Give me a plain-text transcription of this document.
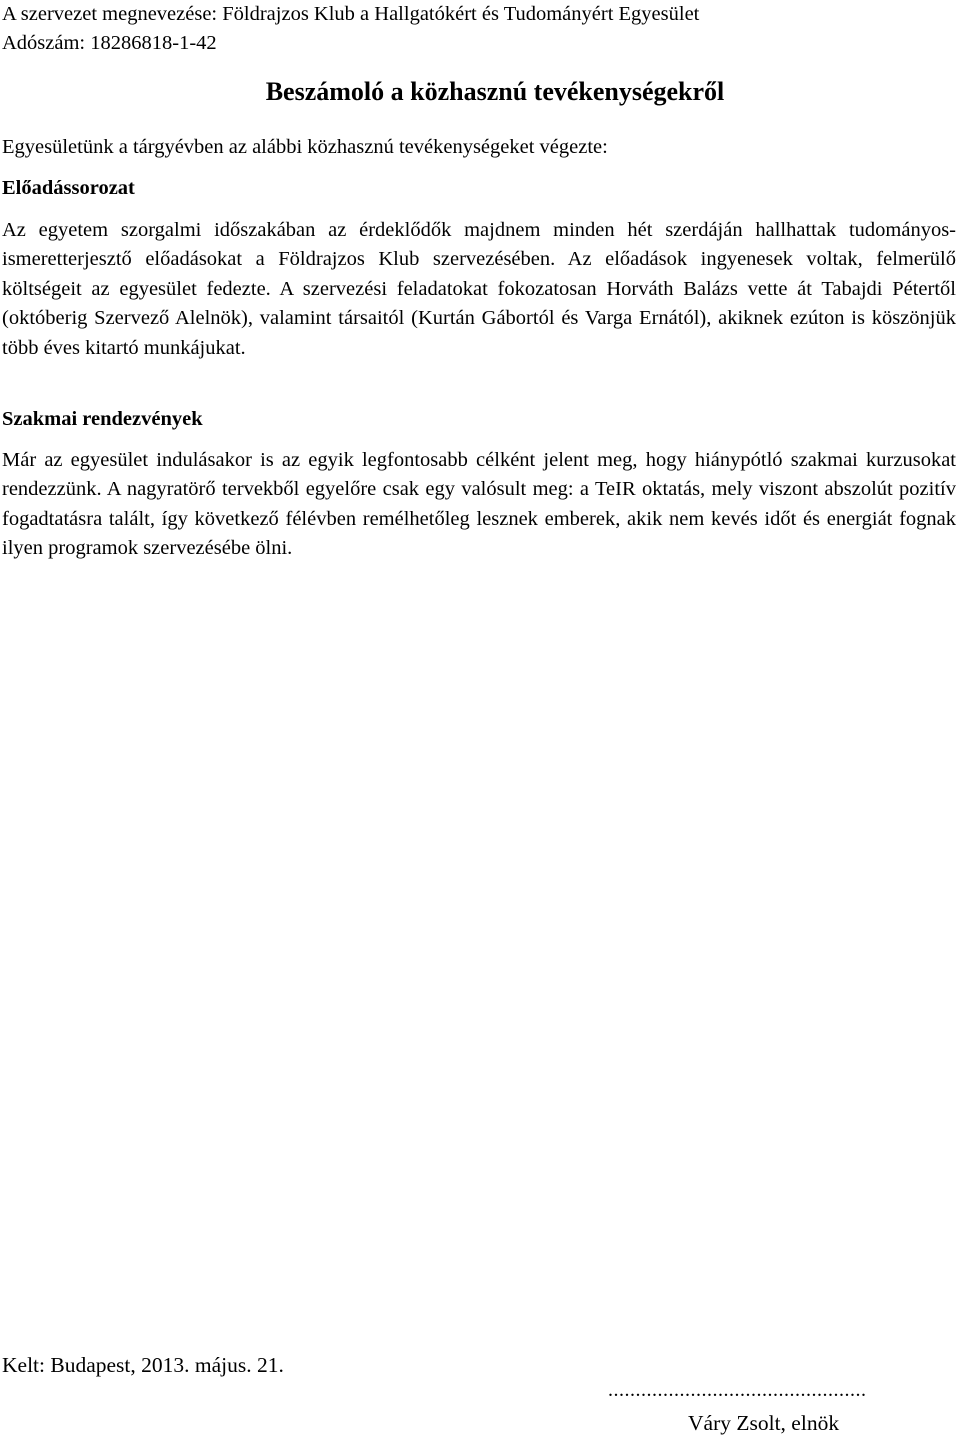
A szervezet megnevezése: Földrajzos Klub a Hallgatókért és Tudományért Egyesület
Adószám: 18286818-1-42
Beszámoló a közhasznú tevékenységekről
Egyesületünk a tárgyévben az alábbi közhasznú tevékenységeket végezte:
Előadássorozat

Az egyetem szorgalmi időszakában az érdeklődők majdnem minden hét szerdáján hallhattak tudományos-ismeretterjesztő előadásokat a Földrajzos Klub szervezésében. Az előadások ingyenesek voltak, felmerülő költségeit az egyesület fedezte. A szervezési feladatokat fokozatosan Horváth Balázs vette át Tabajdi Pétertől (októberig Szervező Alelnök), valamint társaitól (Kurtán Gábortól és Varga Ernától), akiknek ezúton is köszönjük több éves kitartó munkájukat.

Szakmai rendezvények

Már az egyesület indulásakor is az egyik legfontosabb célként jelent meg, hogy hiánypótló szakmai kurzusokat rendezzünk. A nagyratörő tervekből egyelőre csak egy valósult meg: a TeIR oktatás, mely viszont abszolút pozitív fogadtatásra talált, így következő félévben remélhetőleg lesznek emberek, akik nem kevés időt és energiát fognak ilyen programok szervezésébe ölni.

Kelt: Budapest, 2013. május. 21.
...............................................
Váry Zsolt, elnök
